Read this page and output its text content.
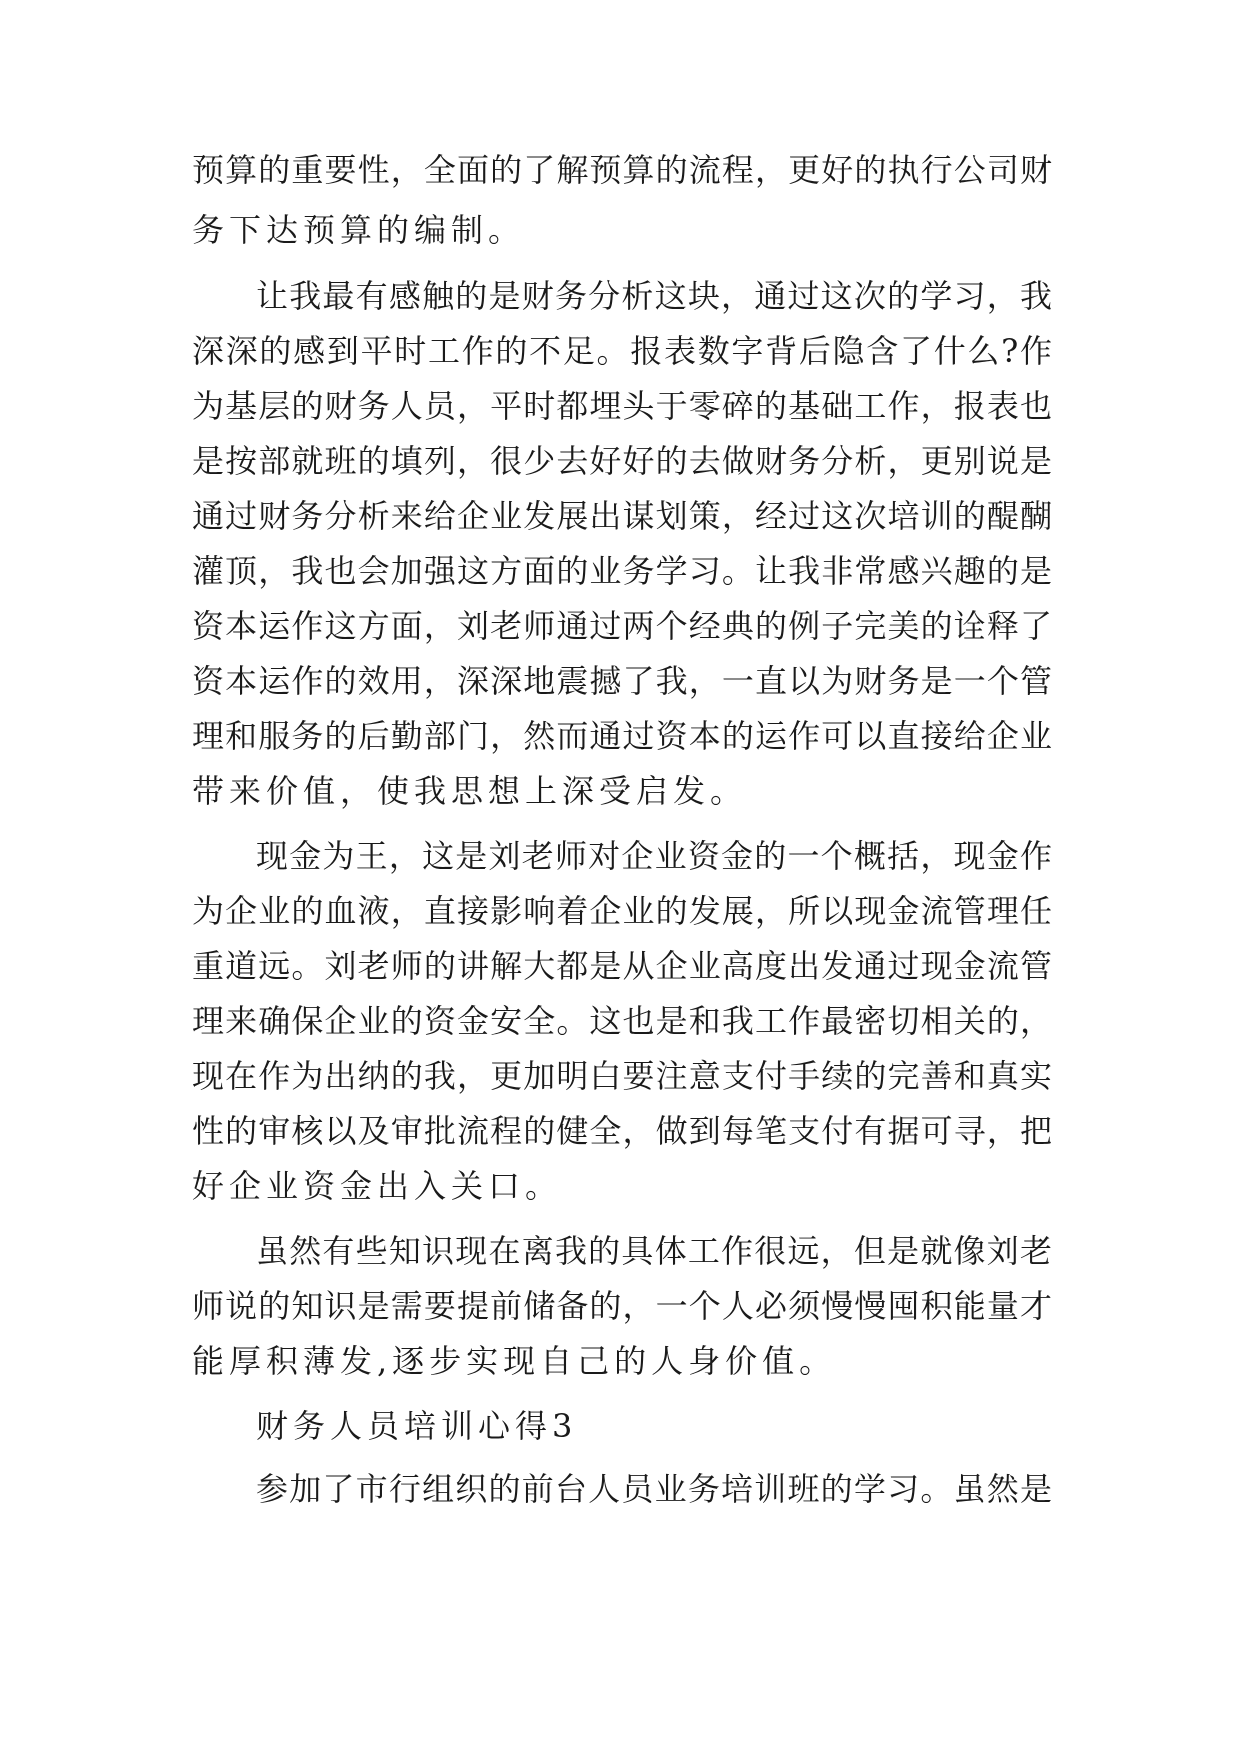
预算的重要性，全面的了解预算的流程，更好的执行公司财
务下达预算的编制。
让我最有感触的是财务分析这块，通过这次的学习，我
深深的感到平时工作的不足。报表数字背后隐含了什么?作
为基层的财务人员，平时都埋头于零碎的基础工作，报表也
是按部就班的填列，很少去好好的去做财务分析，更别说是
通过财务分析来给企业发展出谋划策，经过这次培训的醍醐
灌顶，我也会加强这方面的业务学习。让我非常感兴趣的是
资本运作这方面，刘老师通过两个经典的例子完美的诠释了
资本运作的效用，深深地震撼了我，一直以为财务是一个管
理和服务的后勤部门，然而通过资本的运作可以直接给企业
带来价值，使我思想上深受启发。
现金为王，这是刘老师对企业资金的一个概括，现金作
为企业的血液，直接影响着企业的发展，所以现金流管理任
重道远。刘老师的讲解大都是从企业高度出发通过现金流管
理来确保企业的资金安全。这也是和我工作最密切相关的，
现在作为出纳的我，更加明白要注意支付手续的完善和真实
性的审核以及审批流程的健全，做到每笔支付有据可寻，把
好企业资金出入关口。
虽然有些知识现在离我的具体工作很远，但是就像刘老
师说的知识是需要提前储备的，一个人必须慢慢囤积能量才
能厚积薄发,逐步实现自己的人身价值。
财务人员培训心得3
参加了市行组织的前台人员业务培训班的学习。虽然是
